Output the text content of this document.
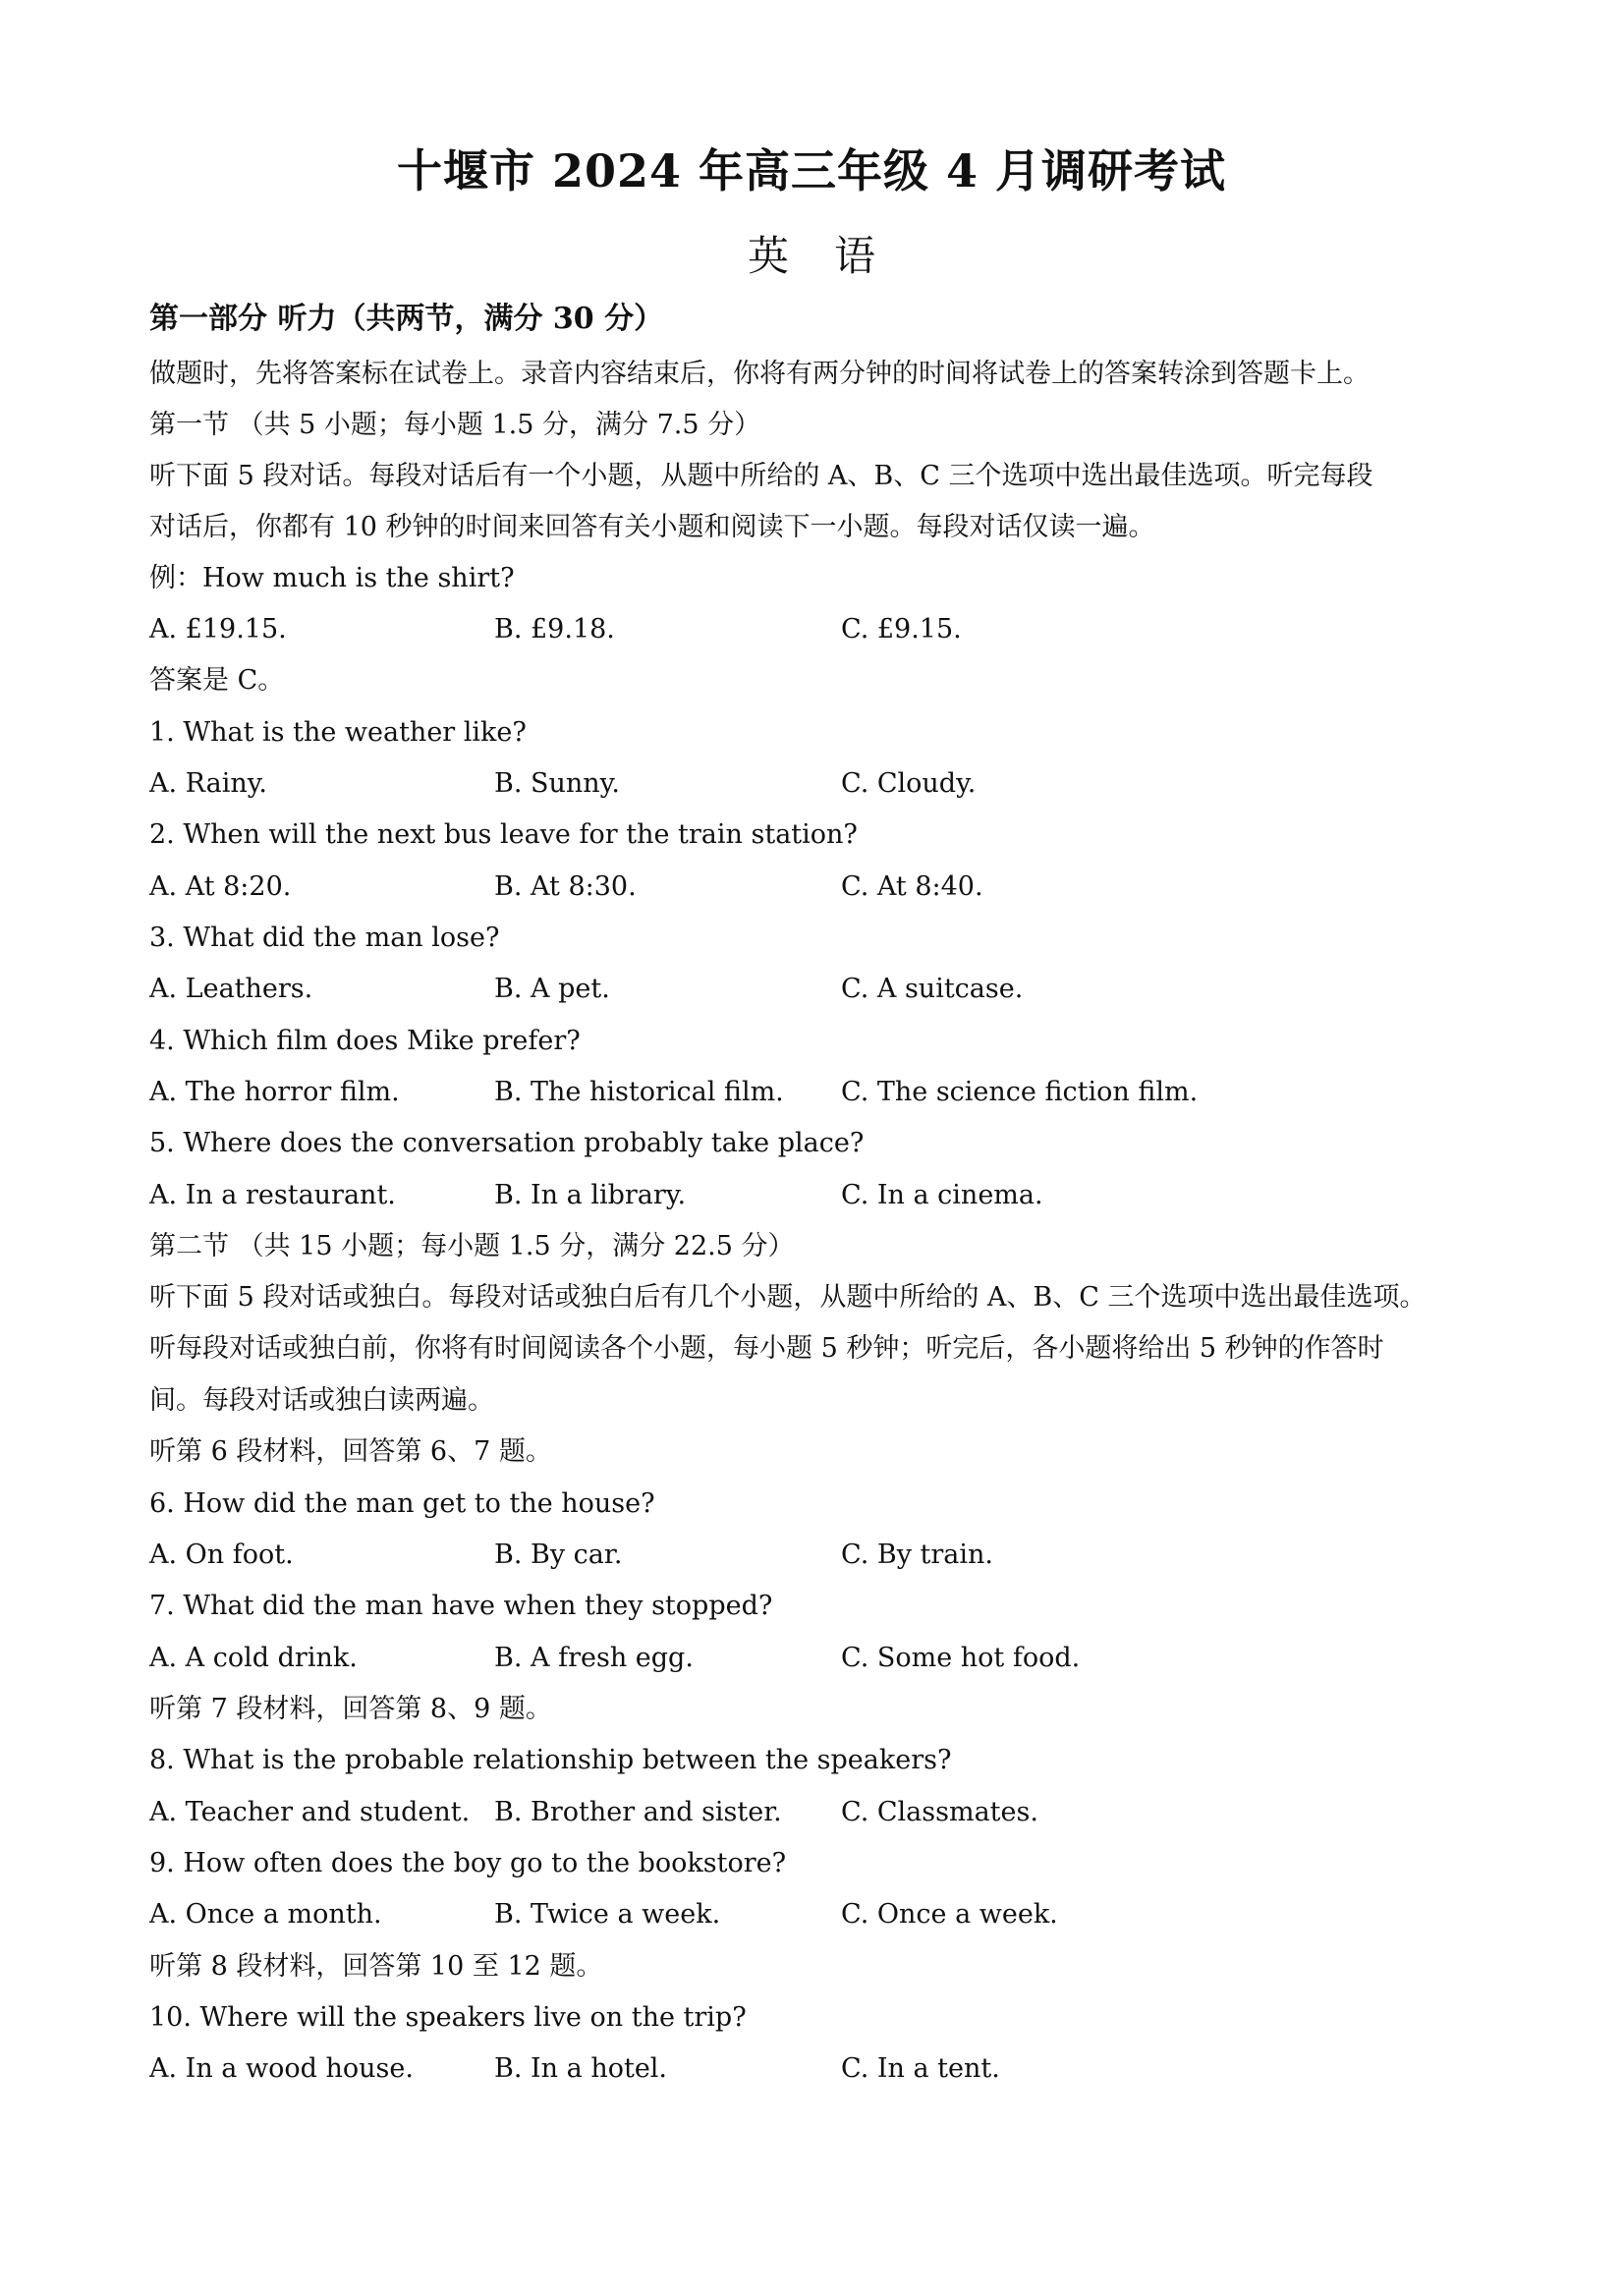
十堰市 2024 年高三年级 4 月调研考试
英语
第一部分 听力（共两节，满分 30 分）
做题时，先将答案标在试卷上。录音内容结束后，你将有两分钟的时间将试卷上的答案转涂到答题卡上。
第一节 （共 5 小题；每小题 1.5 分，满分 7.5 分）
听下面 5 段对话。每段对话后有一个小题，从题中所给的 A、B、C 三个选项中选出最佳选项。听完每段
对话后，你都有 10 秒钟的时间来回答有关小题和阅读下一小题。每段对话仅读一遍。
例：How much is the shirt?
A. £19.15.	B. £9.18.	C. £9.15.
答案是 C。
1. What is the weather like?
A. Rainy.	B. Sunny.	C. Cloudy.
2. When will the next bus leave for the train station?
A. At 8:20.	B. At 8:30.	C. At 8:40.
3. What did the man lose?
A. Leathers.	B. A pet.	C. A suitcase.
4. Which film does Mike prefer?
A. The horror film.	B. The historical film. C. The science fiction film.
5. Where does the conversation probably take place?
A. In a restaurant.	B. In a library.	C. In a cinema.
第二节 （共 15 小题；每小题 1.5 分，满分 22.5 分）
听下面 5 段对话或独白。每段对话或独白后有几个小题，从题中所给的 A、B、C 三个选项中选出最佳选项。
听每段对话或独白前，你将有时间阅读各个小题，每小题 5 秒钟；听完后，各小题将给出 5 秒钟的作答时
间。每段对话或独白读两遍。
听第 6 段材料，回答第 6、7 题。
6. How did the man get to the house?
A. On foot.	B. By car.	C. By train.
7. What did the man have when they stopped?
A. A cold drink.	B. A fresh egg.	C. Some hot food.
听第 7 段材料，回答第 8、9 题。
8. What is the probable relationship between the speakers?
A. Teacher and student. B. Brother and sister. C. Classmates.
9. How often does the boy go to the bookstore?
A. Once a month.	B. Twice a week.	C. Once a week.
听第 8 段材料，回答第 10 至 12 题。
10. Where will the speakers live on the trip?
A. In a wood house.	B. In a hotel.	C. In a tent.
